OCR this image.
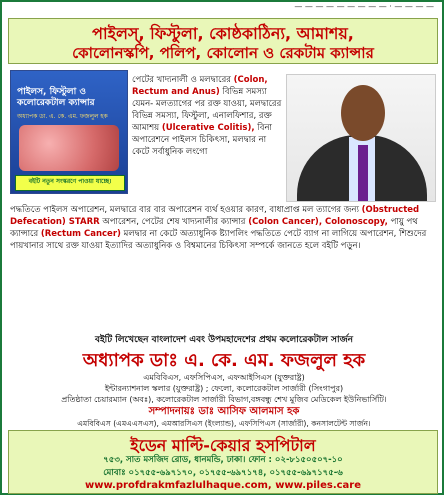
— — — — — — — — — · — — — —
পাইলস্, ফিস্টুলা, কোষ্ঠকাঠিন্য, আমাশয়,
কোলোনস্কপি, পলিপ, কোলোন ও রেকটাম ক্যান্সার
পাইলস, ফিস্টুলা ও কলোরেকটাল ক্যান্সার
অধ্যাপক ডা. এ. কে. এম. ফজলুল হক
বইটি নতুন সংস্করণে পাওয়া যাচ্ছে।
পেটের খাদ্যনালী ও মলদ্বারের (Colon, Rectum and Anus) বিভিন্ন সমস্যা যেমন- মলত্যাগের পর রক্ত যাওয়া, মলদ্বারের বিভিন্ন সমস্যা, ফিস্টুলা, এনালফিশার, রক্ত আমাশয় (Ulcerative Colitis), বিনা অপারেশনে পাইলস চিকিৎসা, মলদ্বার না কেটে সর্বাধুনিক লংগো
পদ্ধতিতে পাইলস অপারেশন, মলদ্বারে বার বার অপারেশন ব্যর্থ হওয়ার কারণ, বাধাপ্রাপ্ত মল ত্যাগের জন্য (Obstructed Defecation) STARR অপারেশন, পেটের শেষ খাদ্যনালীর ক্যান্সার (Colon Cancer), Colonoscopy, পায়ু পথ ক্যান্সারে (Rectum Cancer) মলদ্বার না কেটে অত্যাধুনিক ষ্ট্যাপলিং পদ্ধতিতে পেটে ব্যাগ না লাগিয়ে অপারেশন, শিশুদের পায়খানার সাথে রক্ত যাওয়া ইত্যাদির অত্যাধুনিক ও বিশ্বমানের চিকিৎসা সম্পর্কে জানতে হলে বইটি পড়ুন।
বইটি লিখেছেন বাংলাদেশ এবং উপমহাদেশের প্রথম কলোরেকটাল সার্জন
অধ্যাপক ডাঃ এ. কে. এম. ফজলুল হক
এমবিবিএস, এফসিপিএস, এফআইসিএস (যুক্তরাষ্ট্র)
ইন্টারন্যাশনাল স্কলার (যুক্তরাষ্ট্র) ; ফেলো, কলোরেকটাল সার্জারী (সিংগাপুর)
প্রতিষ্ঠাতা চেয়ারম্যান (অবঃ), কলোরেকটাল সার্জারী বিভাগ,বঙ্গবন্ধু শেখ মুজিব মেডিকেল ইউনিভার্সিটি।
সম্পাদনায়ঃ ডাঃ আসিফ আলমাস হক
এমবিবিএস (এমএএসএস), এমআরসিএস (ইংল্যান্ড), এফসিপিএস (সার্জারী), কনসালটেন্ট সার্জন।
ইডেন মাল্টি-কেয়ার হসপিটাল
৭৫৩, সাত মসজিদ রোড, ধানমন্ডি, ঢাকা। ফোন : ০২-৮১৫০৫০৭-১০
মোবাঃ ০১৭৫৫-৬৯৭১৭০, ০১৭৫৫-৬৯৭১৭৪, ০১৭৫৫-৬৯৭১৭৫-৬
www.profdrakmfazlulhaque.com, www.piles.care
